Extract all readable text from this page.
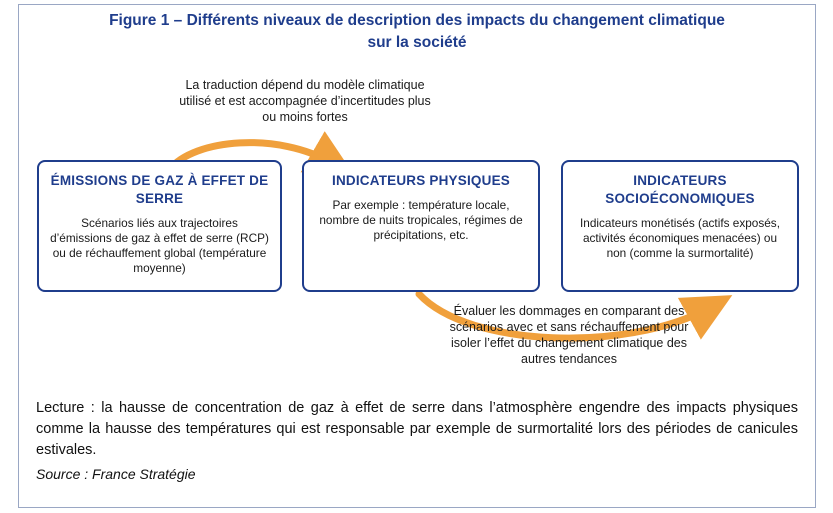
Figure 1 – Différents niveaux de description des impacts du changement climatique
sur la société
La traduction dépend du modèle climatique utilisé et est accompagnée d’incertitudes plus ou moins fortes
ÉMISSIONS DE GAZ À EFFET DE SERRE
Scénarios liés aux trajectoires d’émissions de gaz à effet de serre (RCP) ou de réchauffement global (température moyenne)
INDICATEURS PHYSIQUES
Par exemple : température locale, nombre de nuits tropicales, régimes de précipitations, etc.
INDICATEURS SOCIOÉCONOMIQUES
Indicateurs monétisés (actifs exposés, activités économiques menacées) ou non (comme la surmortalité)
Évaluer les dommages en comparant des scénarios avec et sans réchauffement pour isoler l’effet du changement climatique des autres tendances
Lecture : la hausse de concentration de gaz à effet de serre dans l’atmosphère engendre des impacts physiques comme la hausse des températures qui est responsable par exemple de surmortalité lors des périodes de canicules estivales.
Source : France Stratégie
